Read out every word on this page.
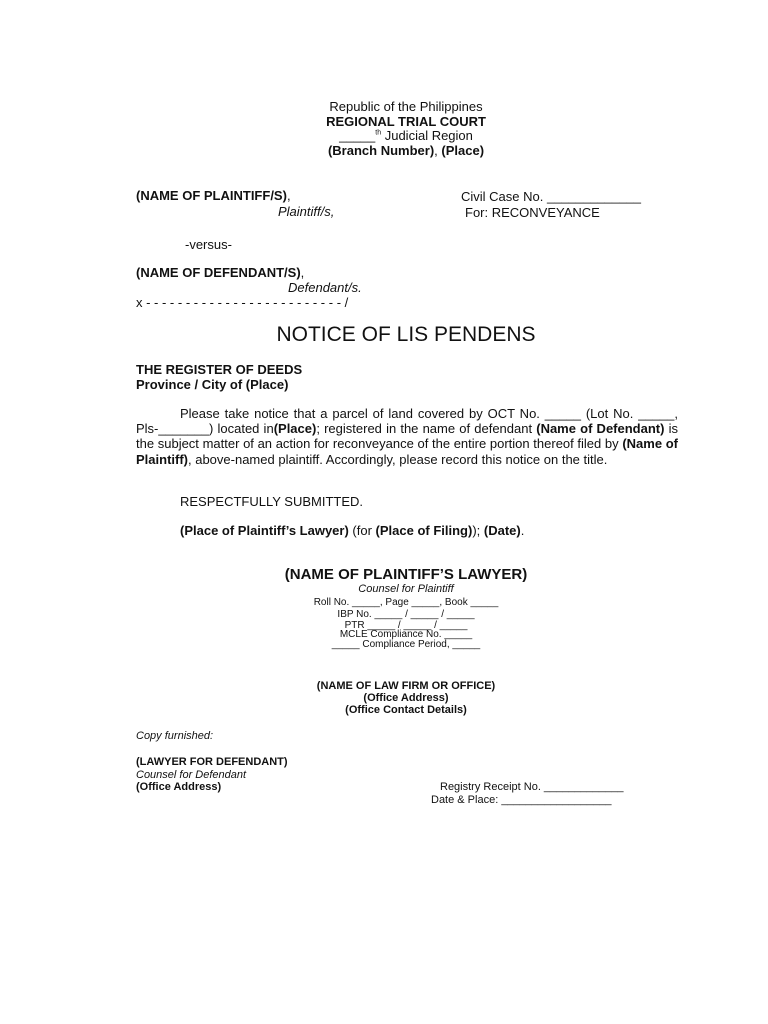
Republic of the Philippines
REGIONAL TRIAL COURT
_____$^{th}$ Judicial Region
(Branch Number), (Place)
(NAME OF PLAINTIFF/S),
Plaintiff/s,
Civil Case No. _____________
For: RECONVEYANCE
-versus-
(NAME OF DEFENDANT/S),
Defendant/s.
x - - - - - - - - - - - - - - - - - - - - - - - - - /
NOTICE OF LIS PENDENS
THE REGISTER OF DEEDS
Province / City of (Place)
Please take notice that a parcel of land covered by OCT No. _____ (Lot No. _____, Pls-_______) located in(Place); registered in the name of defendant (Name of Defendant) is the subject matter of an action for reconveyance of the entire portion thereof filed by (Name of Plaintiff), above-named plaintiff. Accordingly, please record this notice on the title.
RESPECTFULLY SUBMITTED.
(Place of Plaintiff’s Lawyer) (for (Place of Filing)); (Date).
(NAME OF PLAINTIFF’S LAWYER)
Counsel for Plaintiff
Roll No. _____, Page _____, Book _____
IBP No. _____ / _____ / _____
PTR _____ / _____ / _____
MCLE Compliance No. _____
_____ Compliance Period, _____
(NAME OF LAW FIRM OR OFFICE)
(Office Address)
(Office Contact Details)
Copy furnished:
(LAWYER FOR DEFENDANT)
Counsel for Defendant
(Office Address)	Registry Receipt No. _____________
Date & Place: __________________
